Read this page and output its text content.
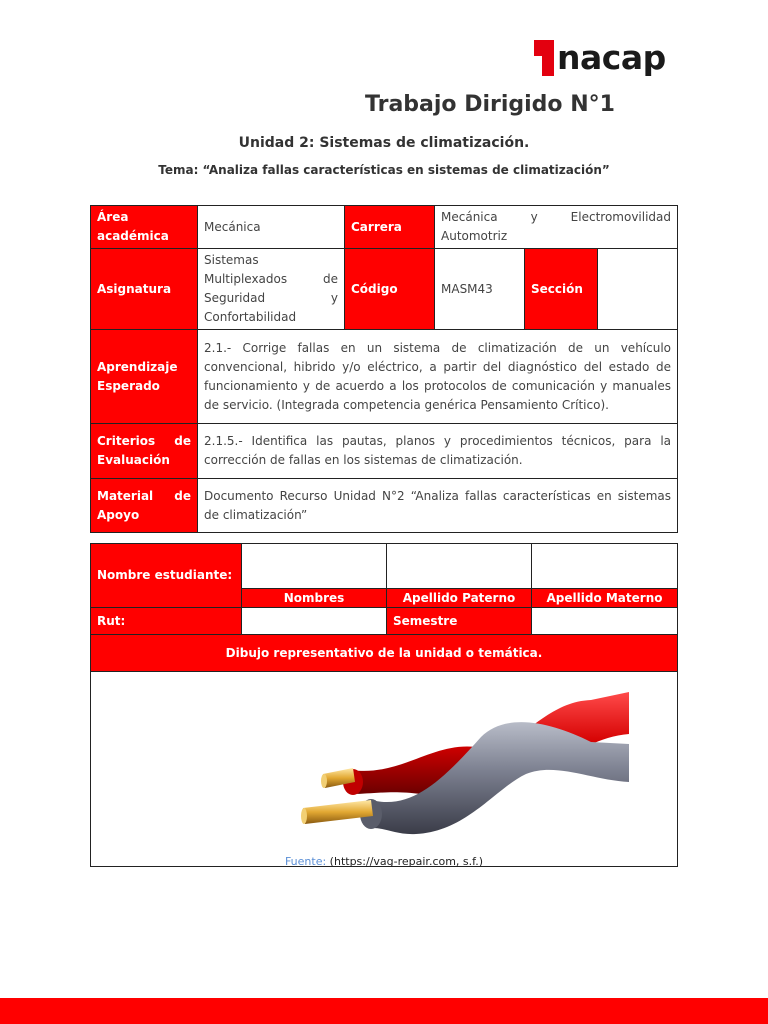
nacap
Trabajo Dirigido N°1
Unidad 2: Sistemas de climatización.
Tema: “Analiza fallas características en sistemas de climatización”
Área académica	Mecánica	Carrera	Mecánica y Electromovilidad
Automotriz		

Asignatura	Sistemas
Multiplexados de
Seguridad y
Confortabilidad	Código	MASM43	Sección	
Aprendizaje Esperado	2.1.- Corrige fallas en un sistema de climatización de un vehículo convencional, hibrido y/o eléctrico, a partir del diagnóstico del estado de funcionamiento y de acuerdo a los protocolos de comunicación y manuales de servicio. (Integrada competencia genérica Pensamiento Crítico).				

Criterios de Evaluación	2.1.5.- Identifica las pautas, planos y procedimientos técnicos, para la corrección de fallas en los sistemas de climatización.				

Material de Apoyo	Documento Recurso Unidad N°2 “Analiza fallas características en sistemas de climatización”				
Nombre estudiante:			
	Nombres	Apellido Paterno	Apellido Materno
Rut:		Semestre	
Dibujo representativo de la unidad o temática.			

Fuente: (https://vag-repair.com, s.f.)			
